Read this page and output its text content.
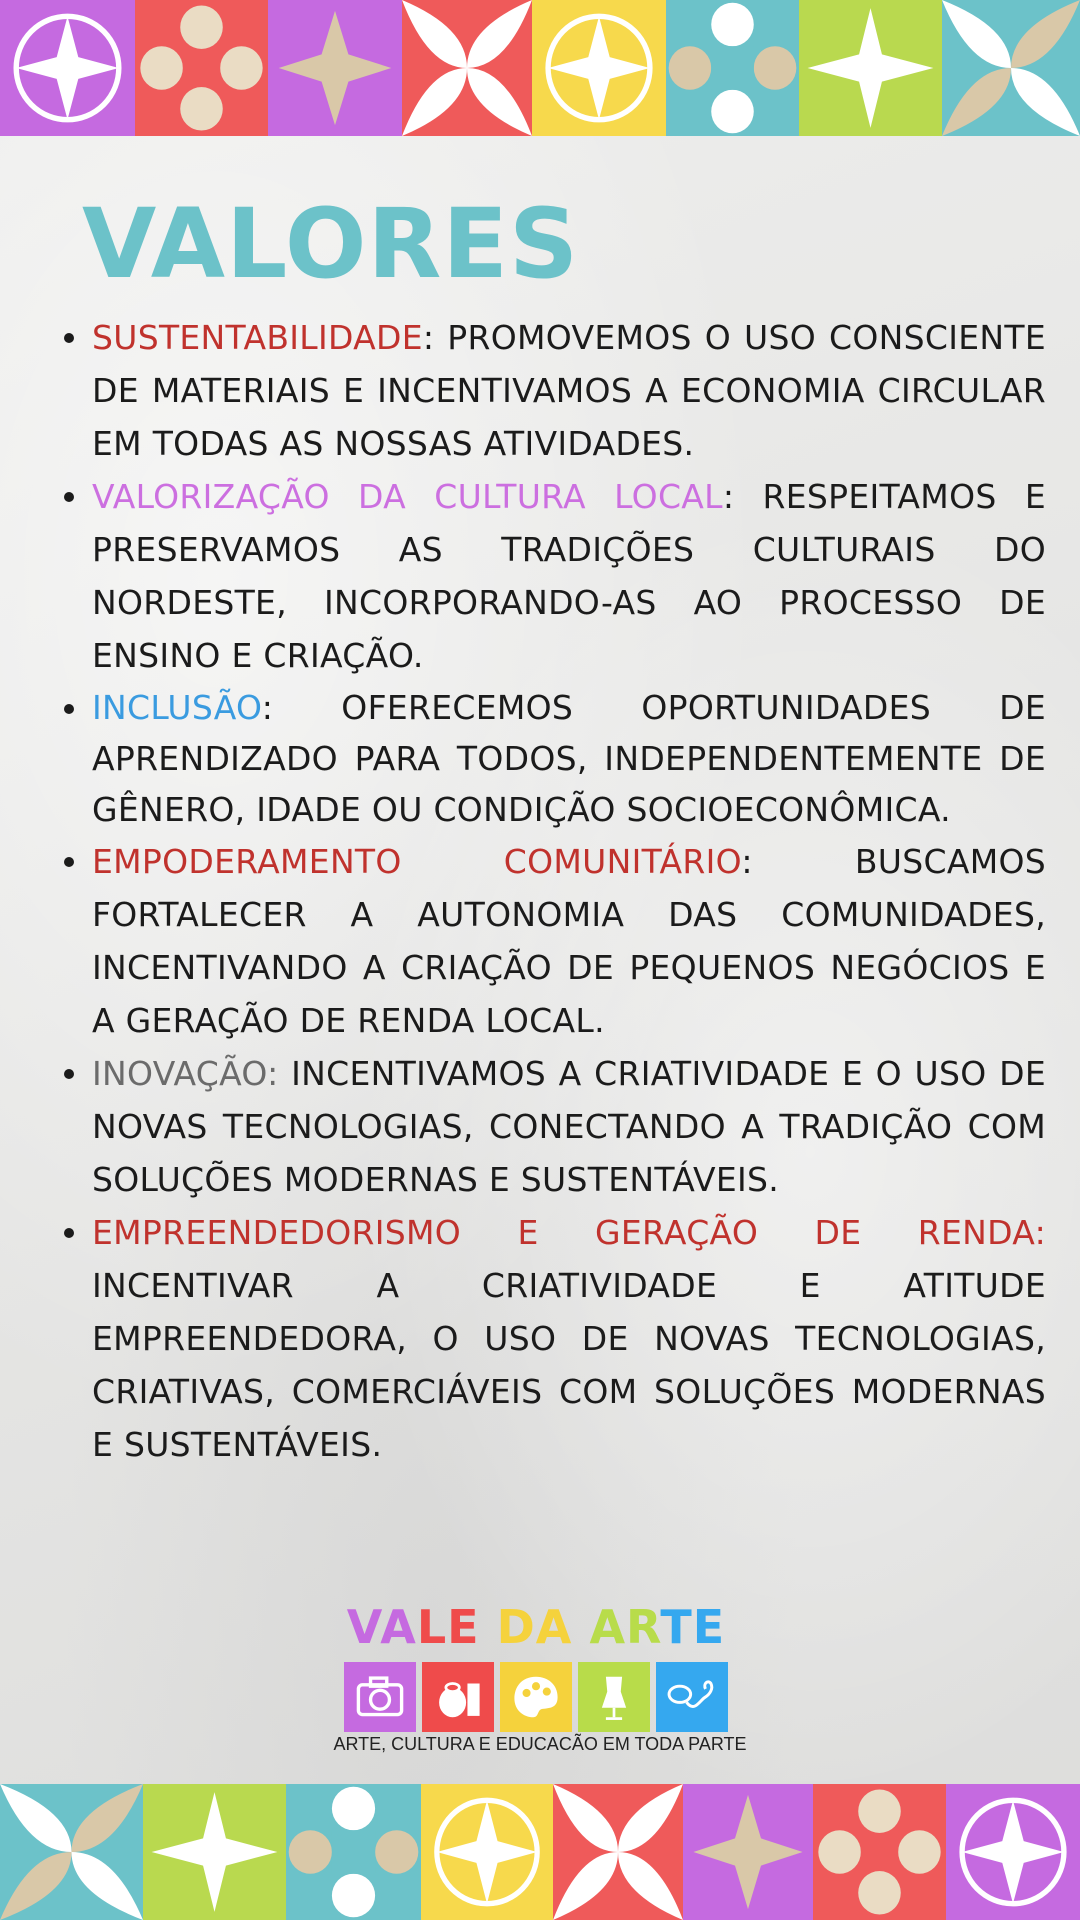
VALORES
SUSTENTABILIDADE: PROMOVEMOS O USO CONSCIENTE DE MATERIAIS E INCENTIVAMOS A ECONOMIA CIRCULAR EM TODAS AS NOSSAS ATIVIDADES.
VALORIZAÇÃO DA CULTURA LOCAL: RESPEITAMOS E PRESERVAMOS AS TRADIÇÕES CULTURAIS DO NORDESTE, INCORPORANDO-AS AO PROCESSO DE ENSINO E CRIAÇÃO.
INCLUSÃO: OFERECEMOS OPORTUNIDADES DE APRENDIZADO PARA TODOS, INDEPENDENTEMENTE DE GÊNERO, IDADE OU CONDIÇÃO SOCIOECONÔMICA.
EMPODERAMENTO COMUNITÁRIO: BUSCAMOS FORTALECER A AUTONOMIA DAS COMUNIDADES, INCENTIVANDO A CRIAÇÃO DE PEQUENOS NEGÓCIOS E A GERAÇÃO DE RENDA LOCAL.
INOVAÇÃO: INCENTIVAMOS A CRIATIVIDADE E O USO DE NOVAS TECNOLOGIAS, CONECTANDO A TRADIÇÃO COM SOLUÇÕES MODERNAS E SUSTENTÁVEIS.
EMPREENDEDORISMO E GERAÇÃO DE RENDA: INCENTIVAR A CRIATIVIDADE E ATITUDE EMPREENDEDORA, O USO DE NOVAS TECNOLOGIAS, CRIATIVAS, COMERCIÁVEIS COM SOLUÇÕES MODERNAS E SUSTENTÁVEIS.
VALE DA ARTE
ARTE, CULTURA E EDUCACÃO EM TODA PARTE
